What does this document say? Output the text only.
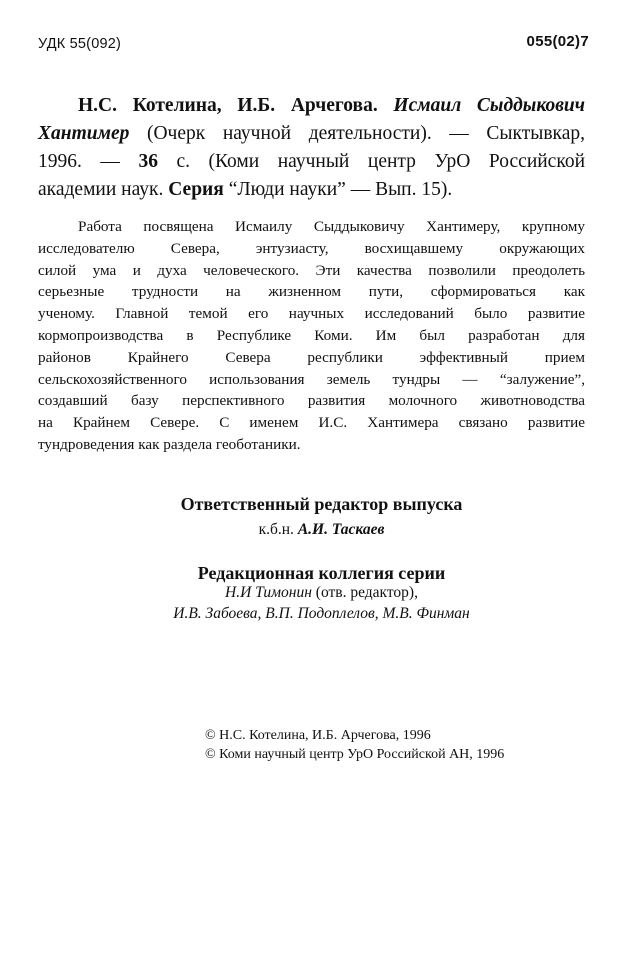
УДК 55(092)	055(02)7
Н.С. Котелина, И.Б. Арчегова. Исмаил Сыддыкович
Хантимер (Очерк научной деятельности). — Сыктывкар,
1996. — 36 с. (Коми научный центр УрО Российской
академии наук. Серия “Люди науки” — Вып. 15).
Работа посвящена Исмаилу Сыддыковичу Хантимеру, крупному
исследователю Севера, энтузиасту, восхищавшему окружающих
силой ума и духа человеческого. Эти качества позволили преодолеть
серьезные трудности на жизненном пути, сформироваться как
ученому. Главной темой его научных исследований было развитие
кормопроизводства в Республике Коми. Им был разработан для
районов Крайнего Севера республики эффективный прием
сельскохозяйственного использования земель тундры — “залужение”,
создавший базу перспективного развития молочного животноводства
на Крайнем Севере. С именем И.С. Хантимера связано развитие
тундроведения как раздела геоботаники.
Ответственный редактор выпуска
к.б.н. А.И. Таскаев
Редакционная коллегия серии
Н.И Тимонин (отв. редактор),
И.В. Забоева, В.П. Подоплелов, М.В. Финман
© Н.С. Котелина, И.Б. Арчегова, 1996
© Коми научный центр УрО Российской АН, 1996
